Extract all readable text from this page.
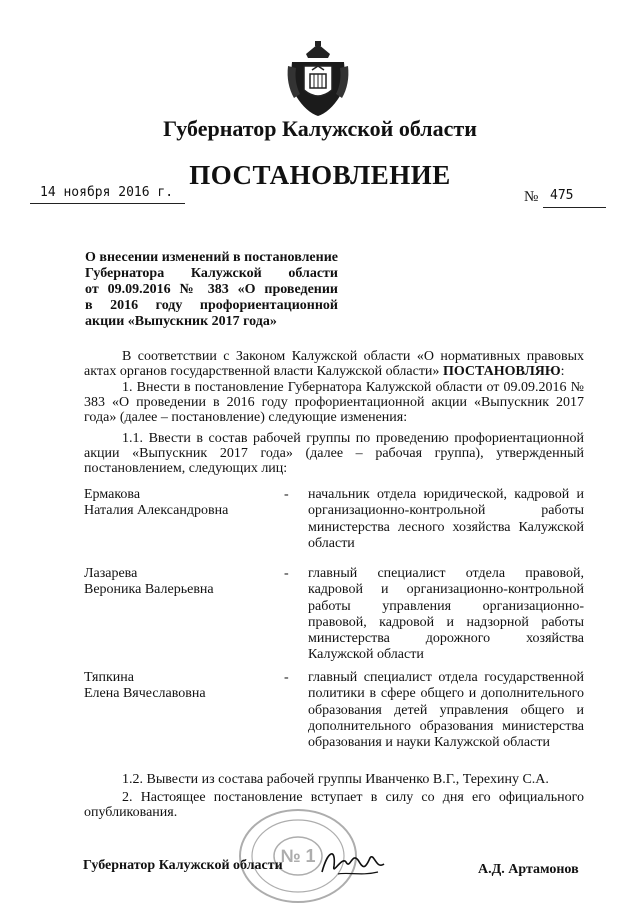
Губернатор Калужской области
ПОСТАНОВЛЕНИЕ
14 ноября 2016 г.	№ 475
О внесении изменений в постановление
Губернатора Калужской области
от 09.09.2016 № 383 «О проведении
в 2016 году профориентационной
акции «Выпускник 2017 года»
В соответствии с Законом Калужской области «О нормативных правовых актах органов государственной власти Калужской области» ПОСТАНОВЛЯЮ:
1. Внести в постановление Губернатора Калужской области от 09.09.2016 № 383 «О проведении в 2016 году профориентационной акции «Выпускник 2017 года» (далее – постановление) следующие изменения:
1.1. Ввести в состав рабочей группы по проведению профориентационной акции «Выпускник 2017 года» (далее – рабочая группа), утвержденный постановлением, следующих лиц:
Ермакова
Наталия Александровна
- начальник отдела юридической, кадровой и организационно-контрольной работы министерства лесного хозяйства Калужской области
Лазарева
Вероника Валерьевна
- главный специалист отдела правовой, кадровой и организационно-контрольной работы управления организационно-правовой, кадровой и надзорной работы министерства дорожного хозяйства Калужской области
Тяпкина
Елена Вячеславовна
- главный специалист отдела государственной политики в сфере общего и дополнительного образования детей управления общего и дополнительного образования министерства образования и науки Калужской области
1.2. Вывести из состава рабочей группы Иванченко В.Г., Терехину С.А.
2. Настоящее постановление вступает в силу со дня его официального опубликования.
№ 1
Губернатор Калужской области	А.Д. Артамонов
